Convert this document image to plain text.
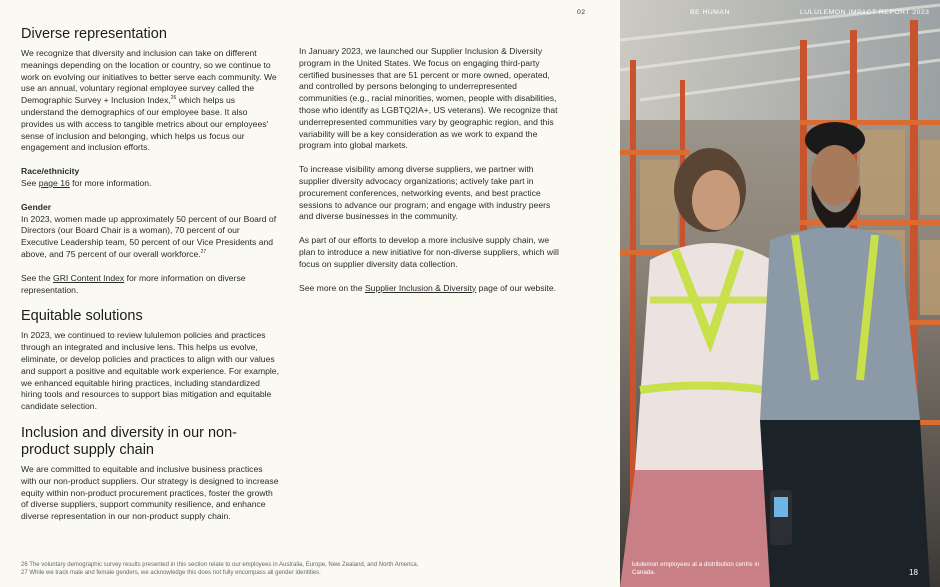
02
Diverse representation

We recognize that diversity and inclusion can take on different meanings depending on the location or country, so we continue to work on evolving our initiatives to better serve each community. We use an annual, voluntary regional employee survey called the Demographic Survey + Inclusion Index,$^{26}$ which helps us understand the demographics of our employee base. It also provides us with access to tangible metrics about our employees' sense of inclusion and belonging, which helps us focus our engagement and inclusion efforts.

Race/ethnicity

See page 16 for more information.

Gender

In 2023, women made up approximately 50 percent of our Board of Directors (our Board Chair is a woman), 70 percent of our Executive Leadership team, 50 percent of our Vice Presidents and above, and 75 percent of our overall workforce.$^{27}$

See the GRI Content Index for more information on diverse representation.

Equitable solutions

In 2023, we continued to review lululemon policies and practices through an integrated and inclusive lens. This helps us evolve, eliminate, or develop policies and practices to align with our values and support a positive and equitable work experience. For example, we enhanced equitable hiring practices, including standardized hiring tools and resources to support bias mitigation and equitable candidate selection.

Inclusion and diversity in our non-product supply chain

We are committed to equitable and inclusive business practices with our non-product suppliers. Our strategy is designed to increase equity within non-product procurement practices, foster the growth of diverse suppliers, support community resilience, and enhance diverse representation in our non-product supply chain.

In January 2023, we launched our Supplier Inclusion & Diversity program in the United States. We focus on engaging third-party certified businesses that are 51 percent or more owned, operated, and controlled by persons belonging to underrepresented communities (e.g., racial minorities, women, people with disabilities, those who identify as LGBTQ2IA+, US veterans). We recognize that underrepresented communities vary by geographic region, and this variability will be a key consideration as we work to expand the program into global markets.

To increase visibility among diverse suppliers, we partner with supplier diversity advocacy organizations; actively take part in procurement conferences, networking events, and best practice sessions to advance our program; and engage with industry peers and diverse businesses in the community.

As part of our efforts to develop a more inclusive supply chain, we plan to introduce a new initiative for non-diverse suppliers, which will focus on supplier diversity data collection.

See more on the Supplier Inclusion & Diversity page of our website.

26 The voluntary demographic survey results presented in this section relate to our employees in Australia, Europe, New Zealand, and North America.

27 While we track male and female genders, we acknowledge this does not fully encompass all gender identities.

BE HUMAN	LULULEMON IMPACT REPORT 2023
lululemon employees at a distribution centre in Canada.	18
